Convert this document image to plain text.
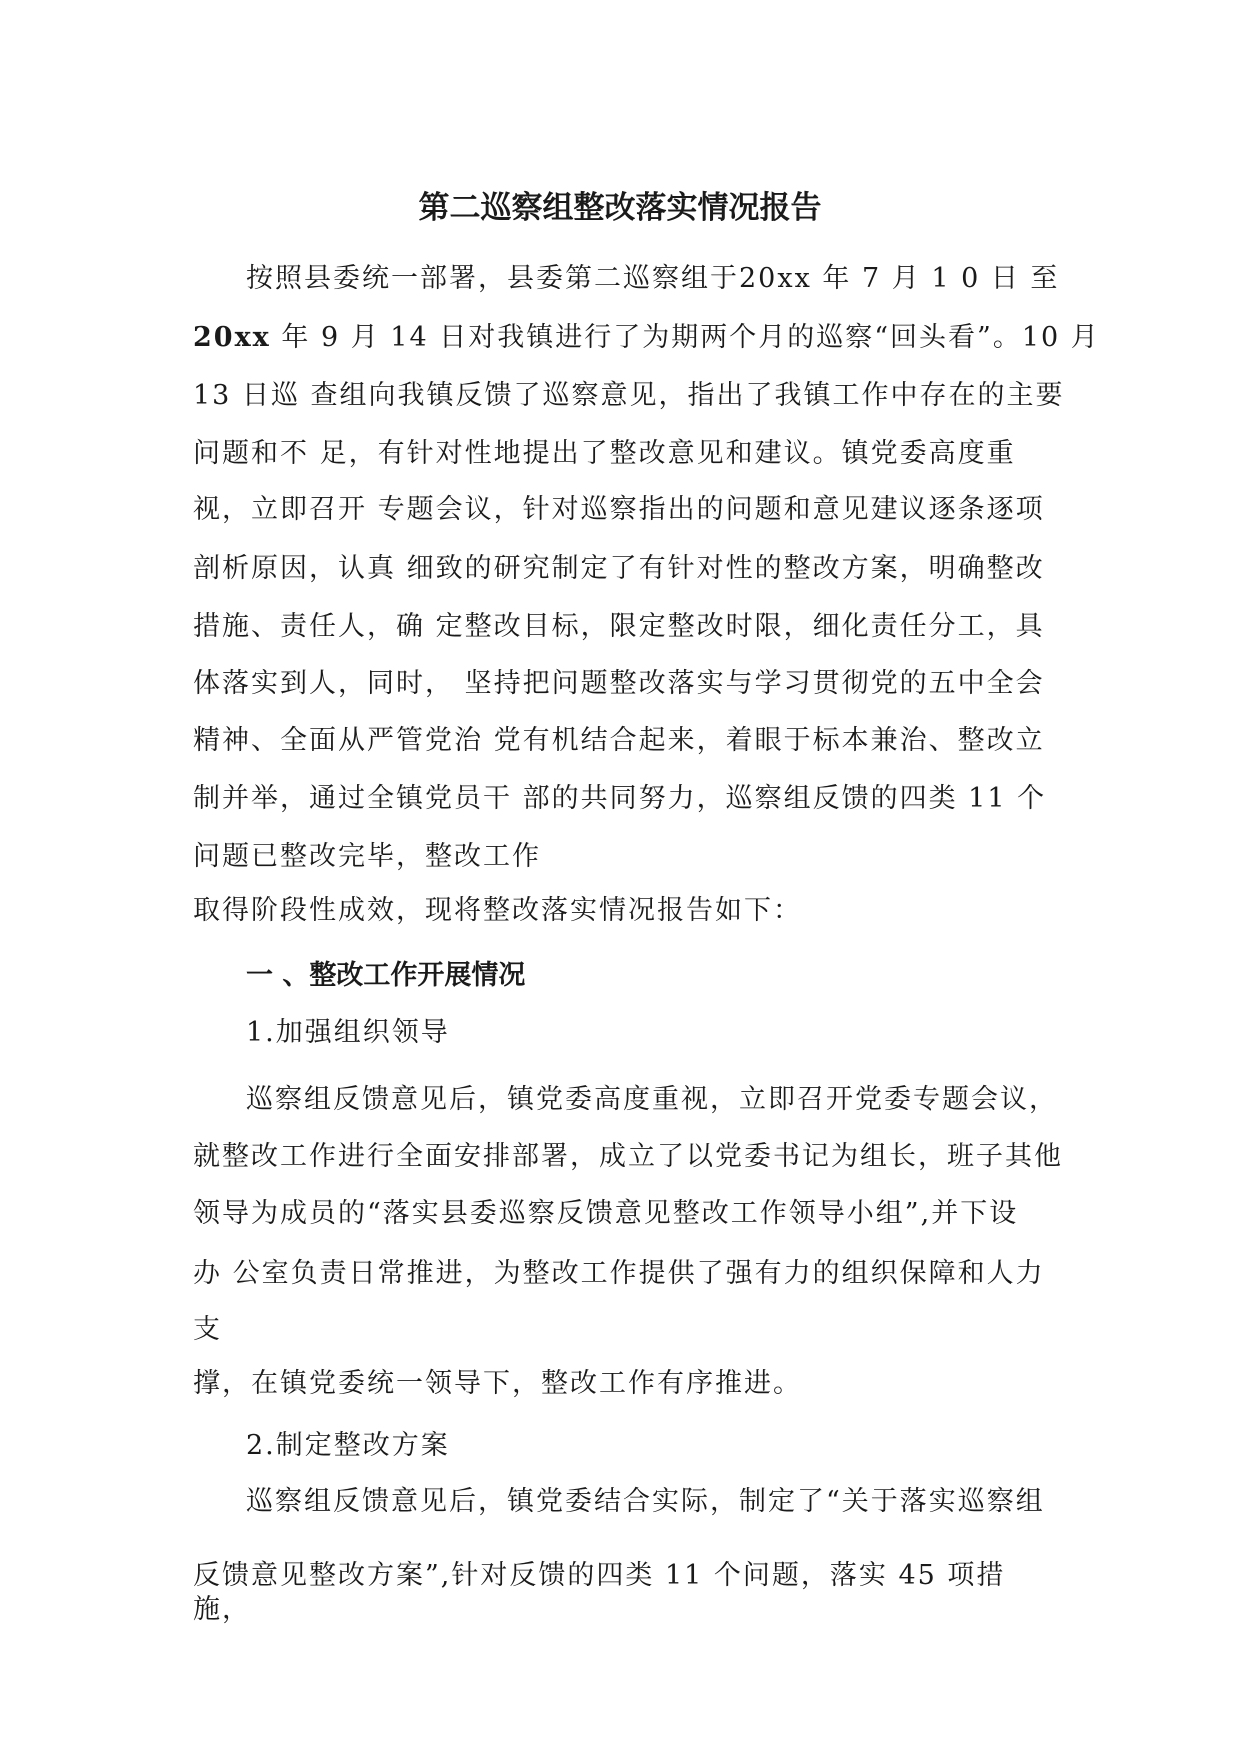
第二巡察组整改落实情况报告

按照县委统一部署，县委第二巡察组于20xx 年 7 月 1 0 日 至

20xx 年 9 月 14 日对我镇进行了为期两个月的巡察“回头看”。10 月

13 日巡 查组向我镇反馈了巡察意见，指出了我镇工作中存在的主要

问题和不 足，有针对性地提出了整改意见和建议。镇党委高度重

视，立即召开 专题会议，针对巡察指出的问题和意见建议逐条逐项

剖析原因，认真 细致的研究制定了有针对性的整改方案，明确整改

措施、责任人，确 定整改目标，限定整改时限，细化责任分工，具

体落实到人，同时， 坚持把问题整改落实与学习贯彻党的五中全会

精神、全面从严管党治 党有机结合起来，着眼于标本兼治、整改立

制并举，通过全镇党员干 部的共同努力，巡察组反馈的四类 11 个

问题已整改完毕，整改工作

取得阶段性成效，现将整改落实情况报告如下：

一 、整改工作开展情况

1.加强组织领导

巡察组反馈意见后，镇党委高度重视，立即召开党委专题会议，

就整改工作进行全面安排部署，成立了以党委书记为组长，班子其他

领导为成员的“落实县委巡察反馈意见整改工作领导小组”,并下设

办 公室负责日常推进，为整改工作提供了强有力的组织保障和人力

支

撑，在镇党委统一领导下，整改工作有序推进。

2.制定整改方案

巡察组反馈意见后，镇党委结合实际，制定了“关于落实巡察组

反馈意见整改方案”,针对反馈的四类 11 个问题，落实 45 项措

施，
